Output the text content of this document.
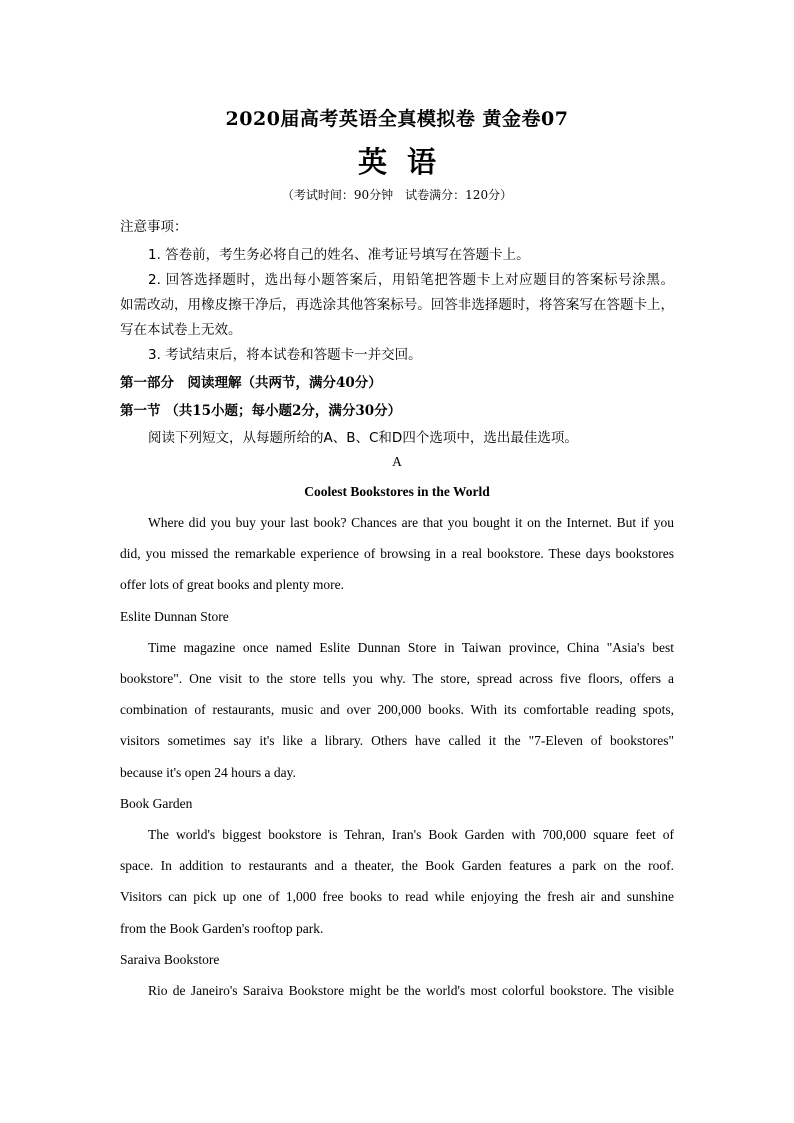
2020届高考英语全真模拟卷 黄金卷07
英语
（考试时间：90分钟　试卷满分：120分）
注意事项：
1. 答卷前，考生务必将自己的姓名、准考证号填写在答题卡上。
2. 回答选择题时，选出每小题答案后，用铅笔把答题卡上对应题目的答案标号涂黑。
如需改动，用橡皮擦干净后，再选涂其他答案标号。回答非选择题时，将答案写在答题卡上，
写在本试卷上无效。
3. 考试结束后，将本试卷和答题卡一并交回。
第一部分　阅读理解（共两节，满分40分）
第一节 （共15小题；每小题2分，满分30分）
阅读下列短文，从每题所给的A、B、C和D四个选项中，选出最佳选项。
A
Coolest Bookstores in the World
Where did you buy your last book? Chances are that you bought it on the Internet. But if you
did, you missed the remarkable experience of browsing in a real bookstore. These days bookstores
offer lots of great books and plenty more.
Eslite Dunnan Store
Time magazine once named Eslite Dunnan Store in Taiwan province, China "Asia's best
bookstore". One visit to the store tells you why. The store, spread across five floors, offers a
combination of restaurants, music and over 200,000 books. With its comfortable reading spots,
visitors sometimes say it's like a library. Others have called it the "7-Eleven of bookstores"
because it's open 24 hours a day.
Book Garden
The world's biggest bookstore is Tehran, Iran's Book Garden with 700,000 square feet of
space. In addition to restaurants and a theater, the Book Garden features a park on the roof.
Visitors can pick up one of 1,000 free books to read while enjoying the fresh air and sunshine
from the Book Garden's rooftop park.
Saraiva Bookstore
Rio de Janeiro's Saraiva Bookstore might be the world's most colorful bookstore. The visible
